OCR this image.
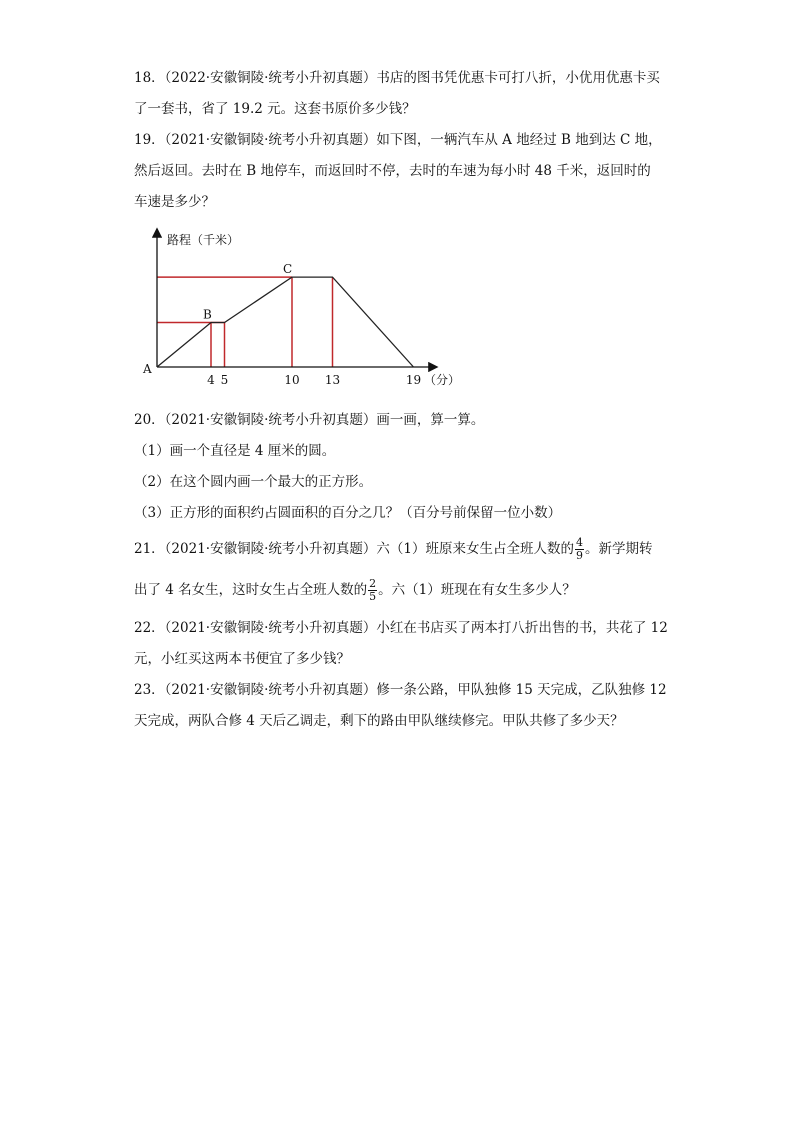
18．（2022·安徽铜陵·统考小升初真题）书店的图书凭优惠卡可打八折，小优用优惠卡买
了一套书，省了 19.2 元。这套书原价多少钱？
19．（2021·安徽铜陵·统考小升初真题）如下图，一辆汽车从 A 地经过 B 地到达 C 地，
然后返回。去时在 B 地停车，而返回时不停，去时的车速为每小时 48 千米，返回时的
车速是多少？
路程（千米）
A
B
C
4 5	10 13	19 （分）
20．（2021·安徽铜陵·统考小升初真题）画一画，算一算。
（1）画一个直径是 4 厘米的圆。
（2）在这个圆内画一个最大的正方形。
（3）正方形的面积约占圆面积的百分之几？（百分号前保留一位小数）
21．（2021·安徽铜陵·统考小升初真题）六（1）班原来女生占全班人数的 $\frac{4}{9}$ 。新学期转
出了 4 名女生，这时女生占全班人数的 $\frac{2}{5}$ 。六（1）班现在有女生多少人？
22．（2021·安徽铜陵·统考小升初真题）小红在书店买了两本打八折出售的书，共花了 12
元，小红买这两本书便宜了多少钱？
23．（2021·安徽铜陵·统考小升初真题）修一条公路，甲队独修 15 天完成，乙队独修 12
天完成，两队合修 4 天后乙调走，剩下的路由甲队继续修完。甲队共修了多少天？
